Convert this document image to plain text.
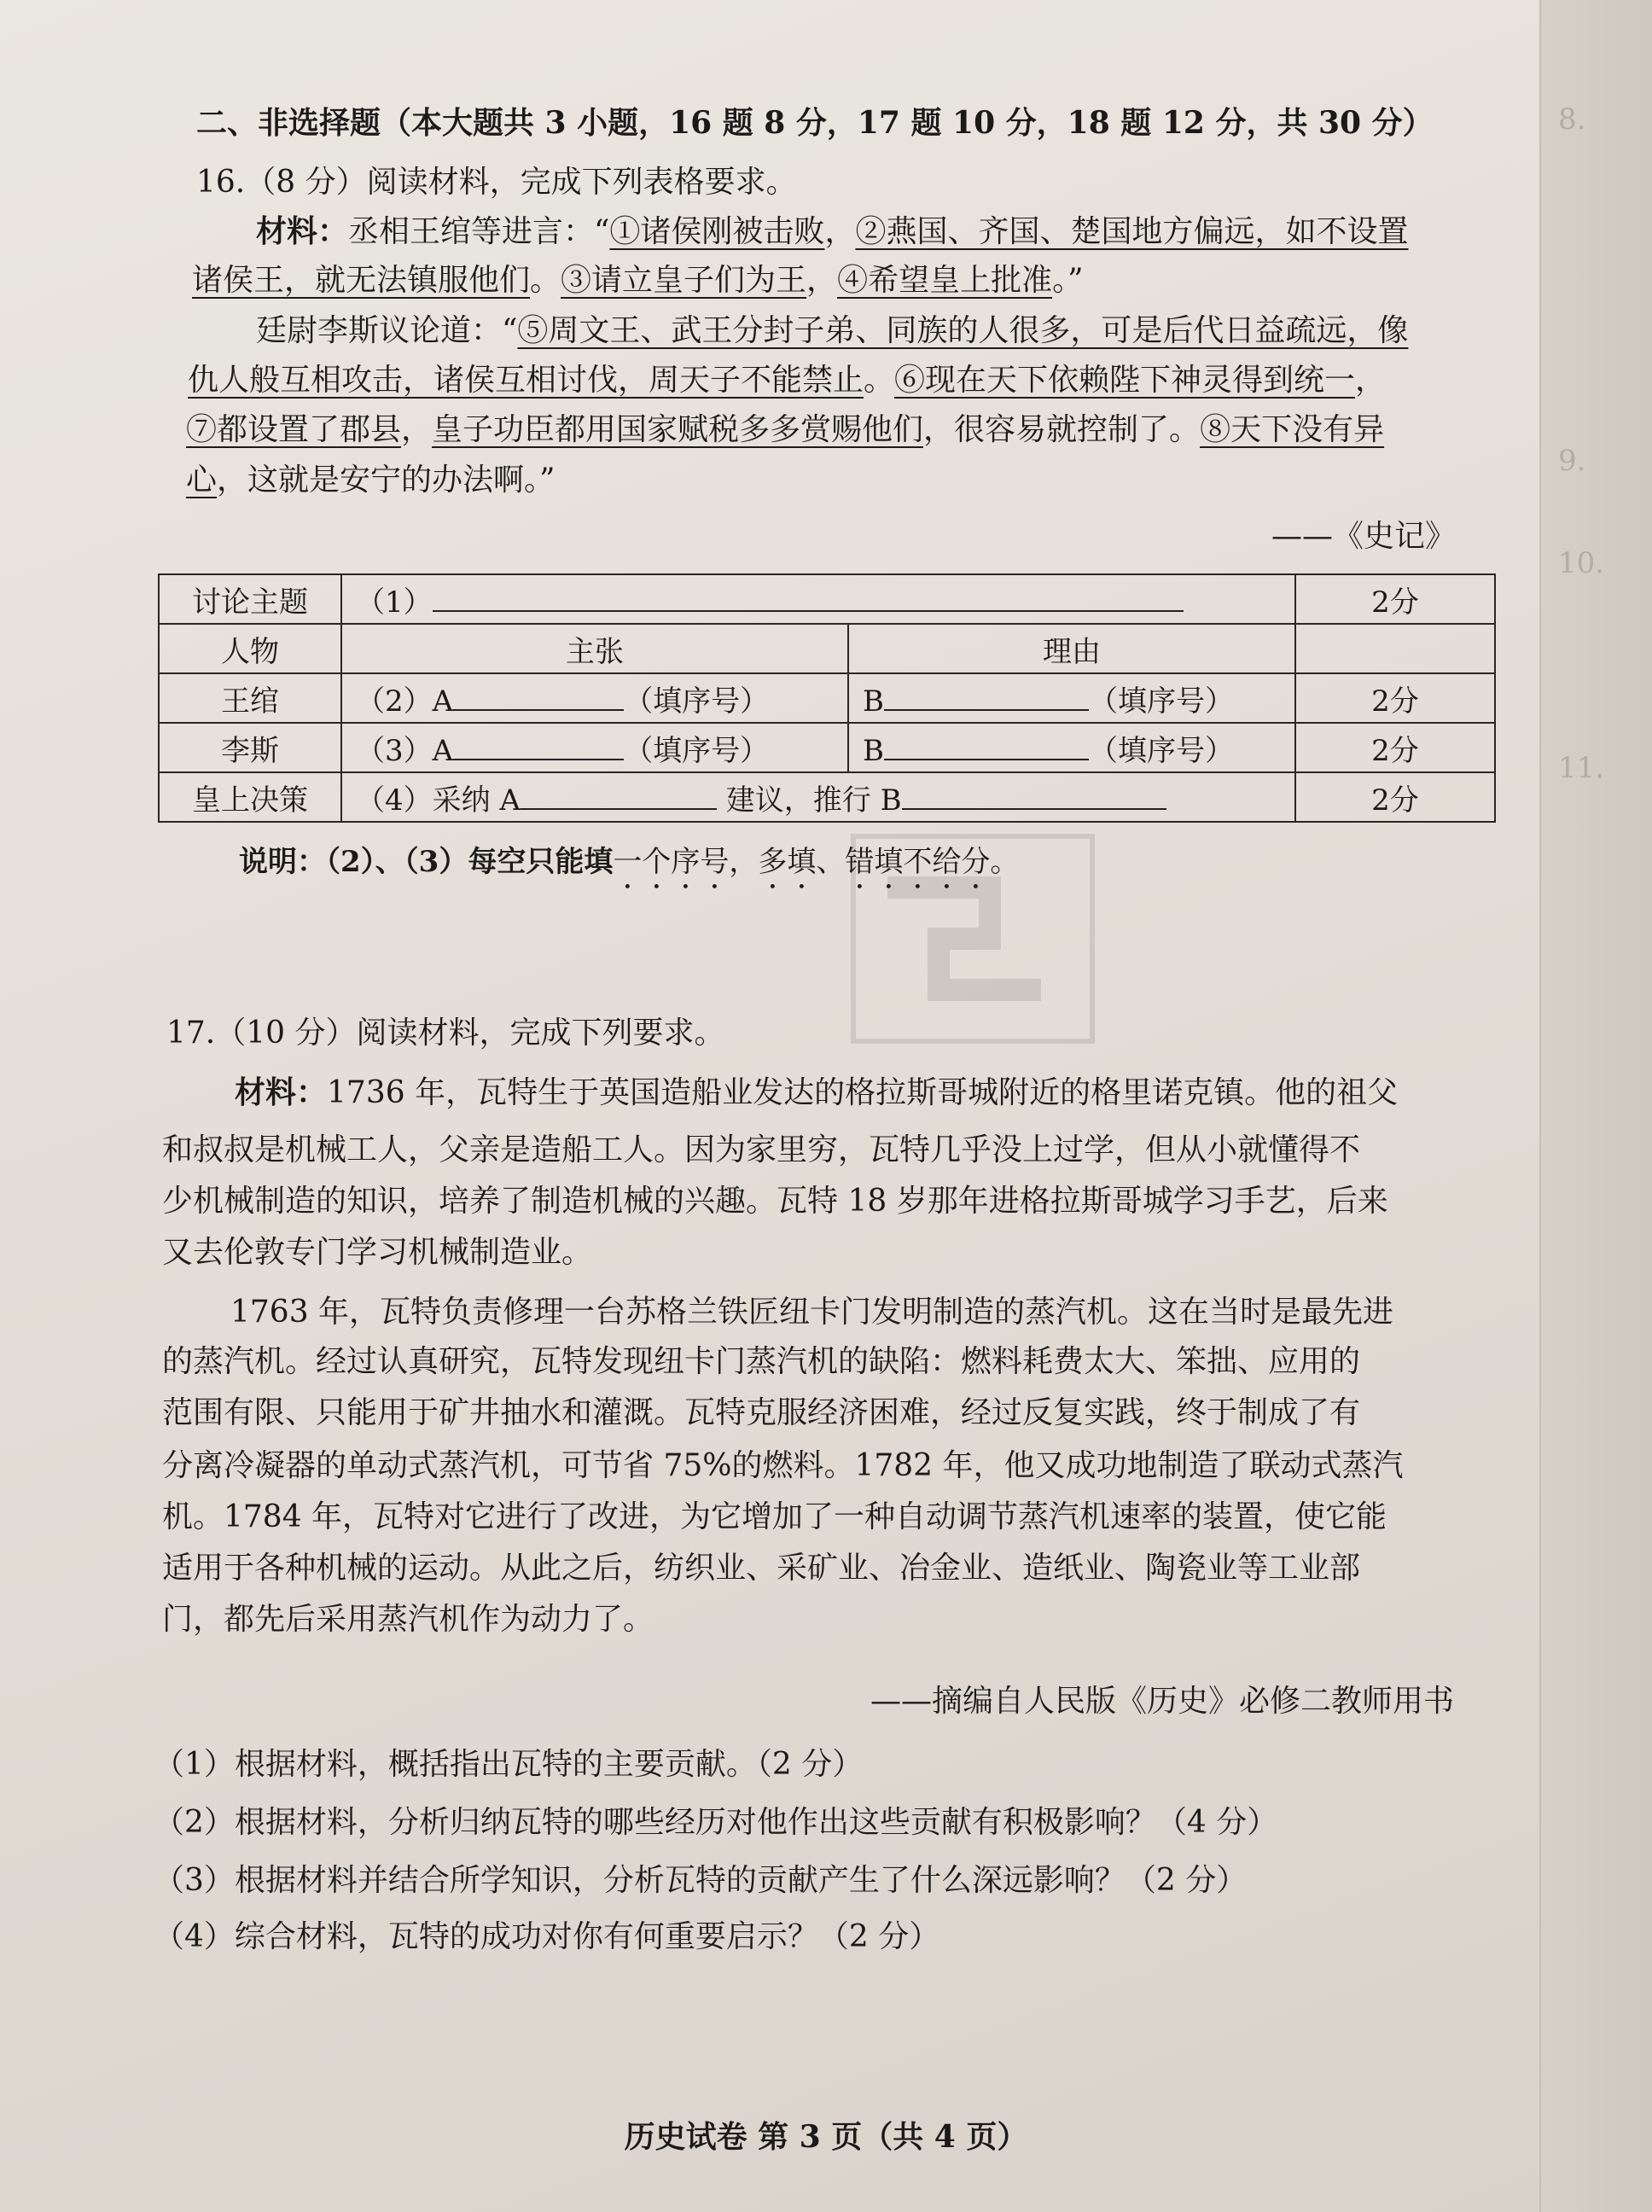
8.
9.
10.
11.
二、非选择题（本大题共 3 小题，16 题 8 分，17 题 10 分，18 题 12 分，共 30 分）
16.（8 分）阅读材料，完成下列表格要求。
材料：丞相王绾等进言：“①诸侯刚被击败，②燕国、齐国、楚国地方偏远，如不设置
诸侯王，就无法镇服他们。③请立皇子们为王，④希望皇上批准。”
廷尉李斯议论道：“⑤周文王、武王分封子弟、同族的人很多，可是后代日益疏远，像
仇人般互相攻击，诸侯互相讨伐，周天子不能禁止。⑥现在天下依赖陛下神灵得到统一，
⑦都设置了郡县，皇子功臣都用国家赋税多多赏赐他们，很容易就控制了。⑧天下没有异
心，这就是安宁的办法啊。”
——《史记》
讨论主题	（1）		2分
人物	主张	理由	
王绾	（2）A （填序号）	B （填序号）	2分
李斯	（3）A （填序号）	B （填序号）	2分
皇上决策	（4）采纳 A 建议，推行 B		2分
说明：（2）、（3）每空只能填一个序号，多填、错填不给分。
17.（10 分）阅读材料，完成下列要求。
材料：1736 年，瓦特生于英国造船业发达的格拉斯哥城附近的格里诺克镇。他的祖父
和叔叔是机械工人，父亲是造船工人。因为家里穷，瓦特几乎没上过学，但从小就懂得不
少机械制造的知识，培养了制造机械的兴趣。瓦特 18 岁那年进格拉斯哥城学习手艺，后来
又去伦敦专门学习机械制造业。
1763 年，瓦特负责修理一台苏格兰铁匠纽卡门发明制造的蒸汽机。这在当时是最先进
的蒸汽机。经过认真研究，瓦特发现纽卡门蒸汽机的缺陷：燃料耗费太大、笨拙、应用的
范围有限、只能用于矿井抽水和灌溉。瓦特克服经济困难，经过反复实践，终于制成了有
分离冷凝器的单动式蒸汽机，可节省 75%的燃料。1782 年，他又成功地制造了联动式蒸汽
机。1784 年，瓦特对它进行了改进，为它增加了一种自动调节蒸汽机速率的装置，使它能
适用于各种机械的运动。从此之后，纺织业、采矿业、冶金业、造纸业、陶瓷业等工业部
门，都先后采用蒸汽机作为动力了。
——摘编自人民版《历史》必修二教师用书
（1）根据材料，概括指出瓦特的主要贡献。（2 分）
（2）根据材料，分析归纳瓦特的哪些经历对他作出这些贡献有积极影响？（4 分）
（3）根据材料并结合所学知识，分析瓦特的贡献产生了什么深远影响？（2 分）
（4）综合材料，瓦特的成功对你有何重要启示？（2 分）
历史试卷 第 3 页（共 4 页）
